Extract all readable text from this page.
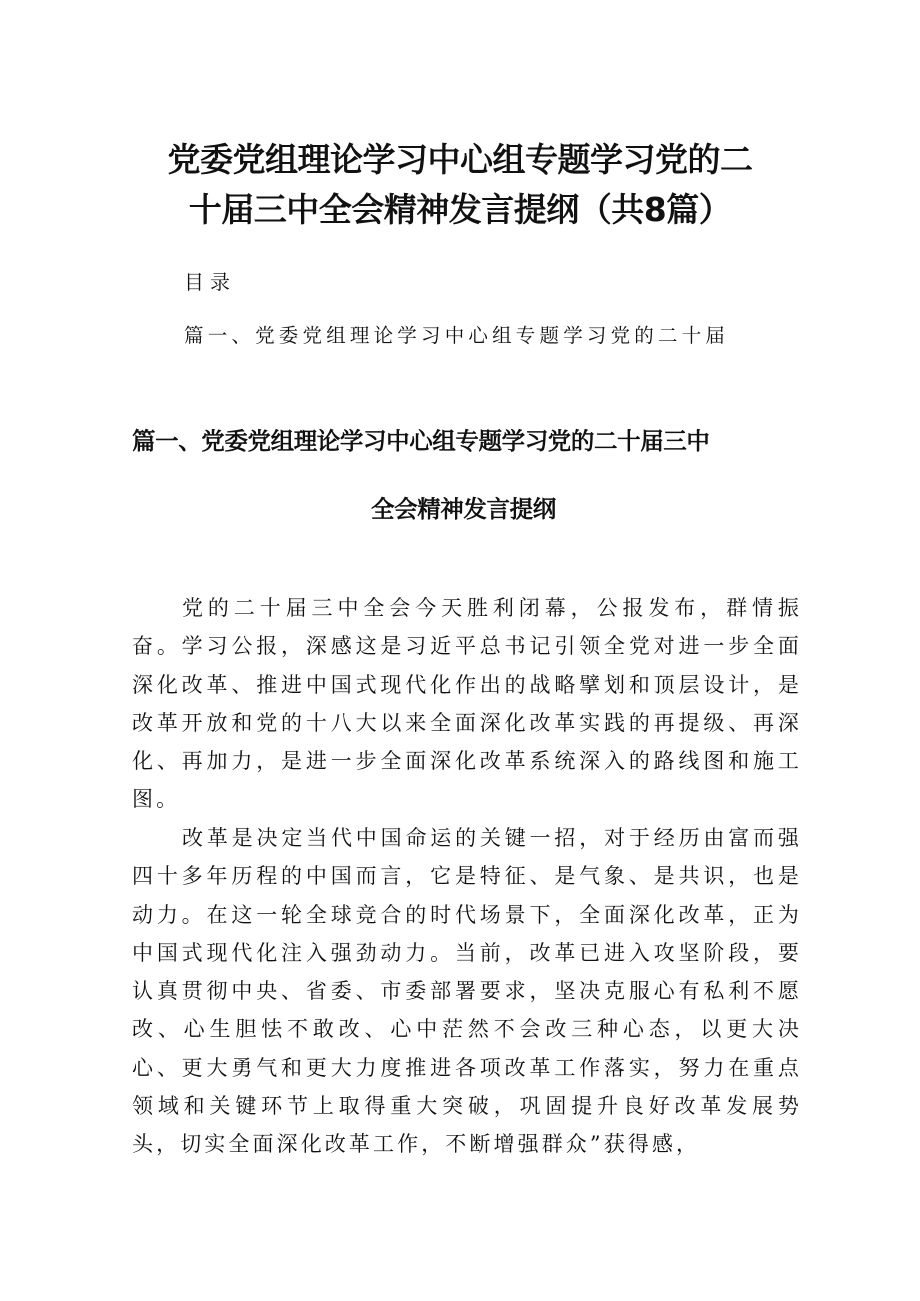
党委党组理论学习中心组专题学习党的二
十届三中全会精神发言提纲（共8篇）

目录

篇一、党委党组理论学习中心组专题学习党的二十届

篇一、党委党组理论学习中心组专题学习党的二十届三中
全会精神发言提纲

党的二十届三中全会今天胜利闭幕，公报发布，群情振奋。学习公报，深感这是习近平总书记引领全党对进一步全面深化改革、推进中国式现代化作出的战略擘划和顶层设计，是改革开放和党的十八大以来全面深化改革实践的再提级、再深化、再加力，是进一步全面深化改革系统深入的路线图和施工图。

改革是决定当代中国命运的关键一招，对于经历由富而强四十多年历程的中国而言，它是特征、是气象、是共识，也是动力。在这一轮全球竞合的时代场景下，全面深化改革，正为中国式现代化注入强劲动力。当前，改革已进入攻坚阶段，要认真贯彻中央、省委、市委部署要求，坚决克服心有私利不愿改、心生胆怯不敢改、心中茫然不会改三种心态，以更大决心、更大勇气和更大力度推进各项改革工作落实，努力在重点领域和关键环节上取得重大突破，巩固提升良好改革发展势头，切实全面深化改革工作，不断增强群众”获得感，
